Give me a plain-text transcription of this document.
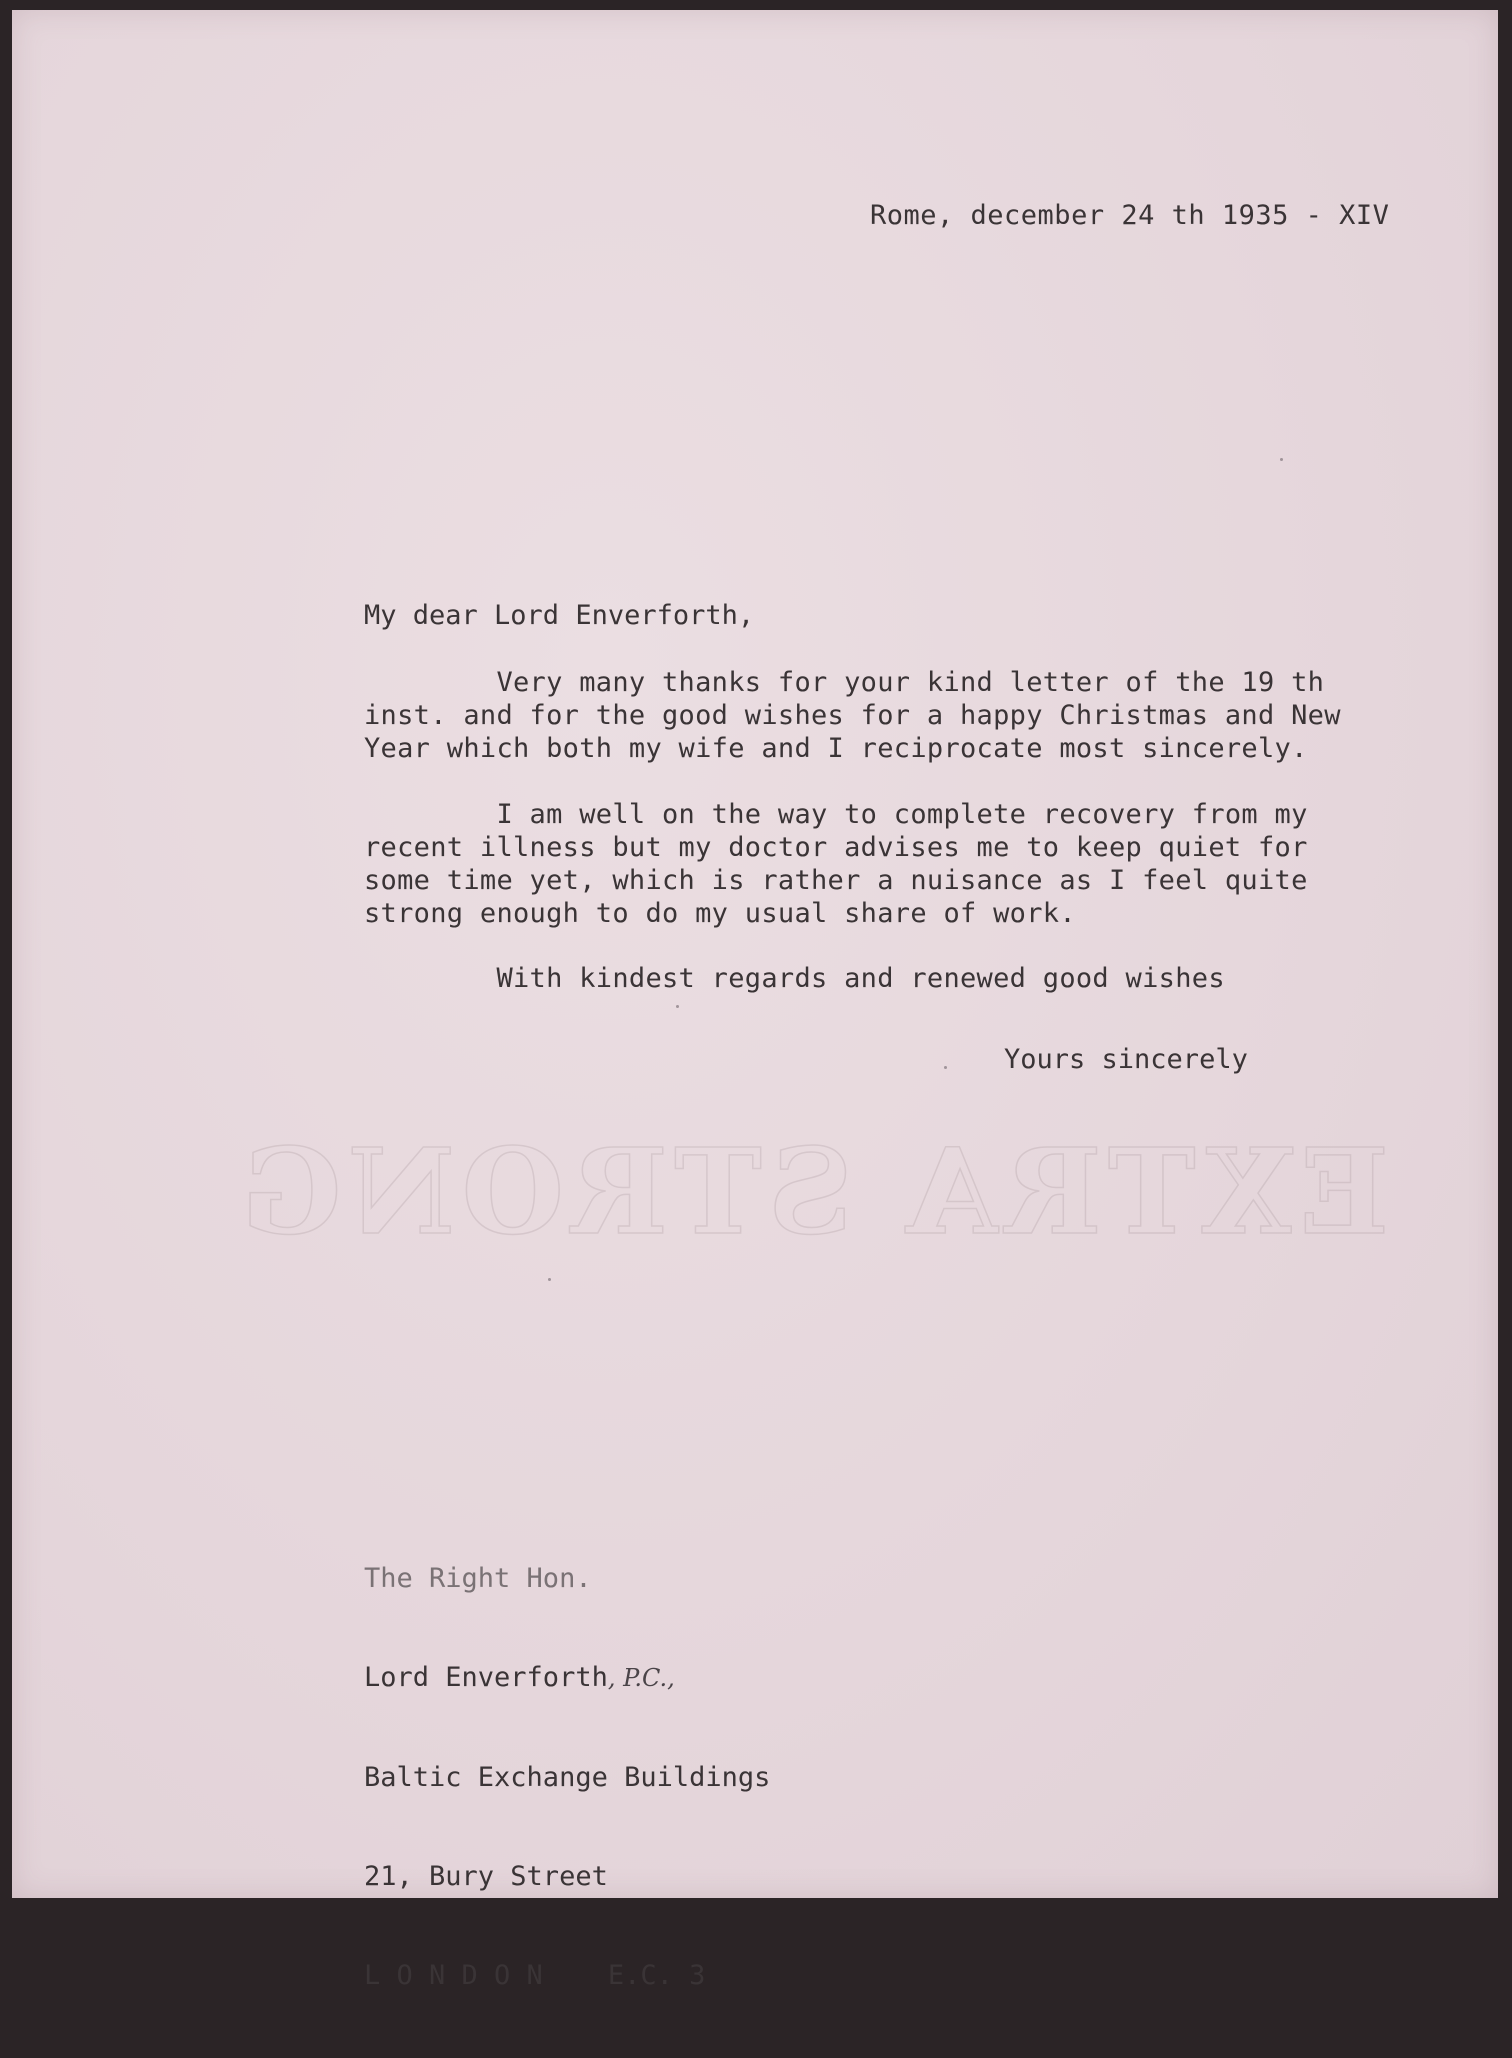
EXTRA STRONG
Rome, december 24 th 1935 - XIV
My dear Lord Enverforth,
Very many thanks for your kind letter of the 19 th
inst. and for the good wishes for a happy Christmas and New
Year which both my wife and I reciprocate most sincerely.
I am well on the way to complete recovery from my
recent illness but my doctor advises me to keep quiet for
some time yet, which is rather a nuisance as I feel quite
strong enough to do my usual share of work.
With kindest regards and renewed good wishes
Yours sincerely

The Right Hon.

Lord Enverforth, P.C.,

Baltic Exchange Buildings

21, Bury Street

L O N D O N    E.C. 3
